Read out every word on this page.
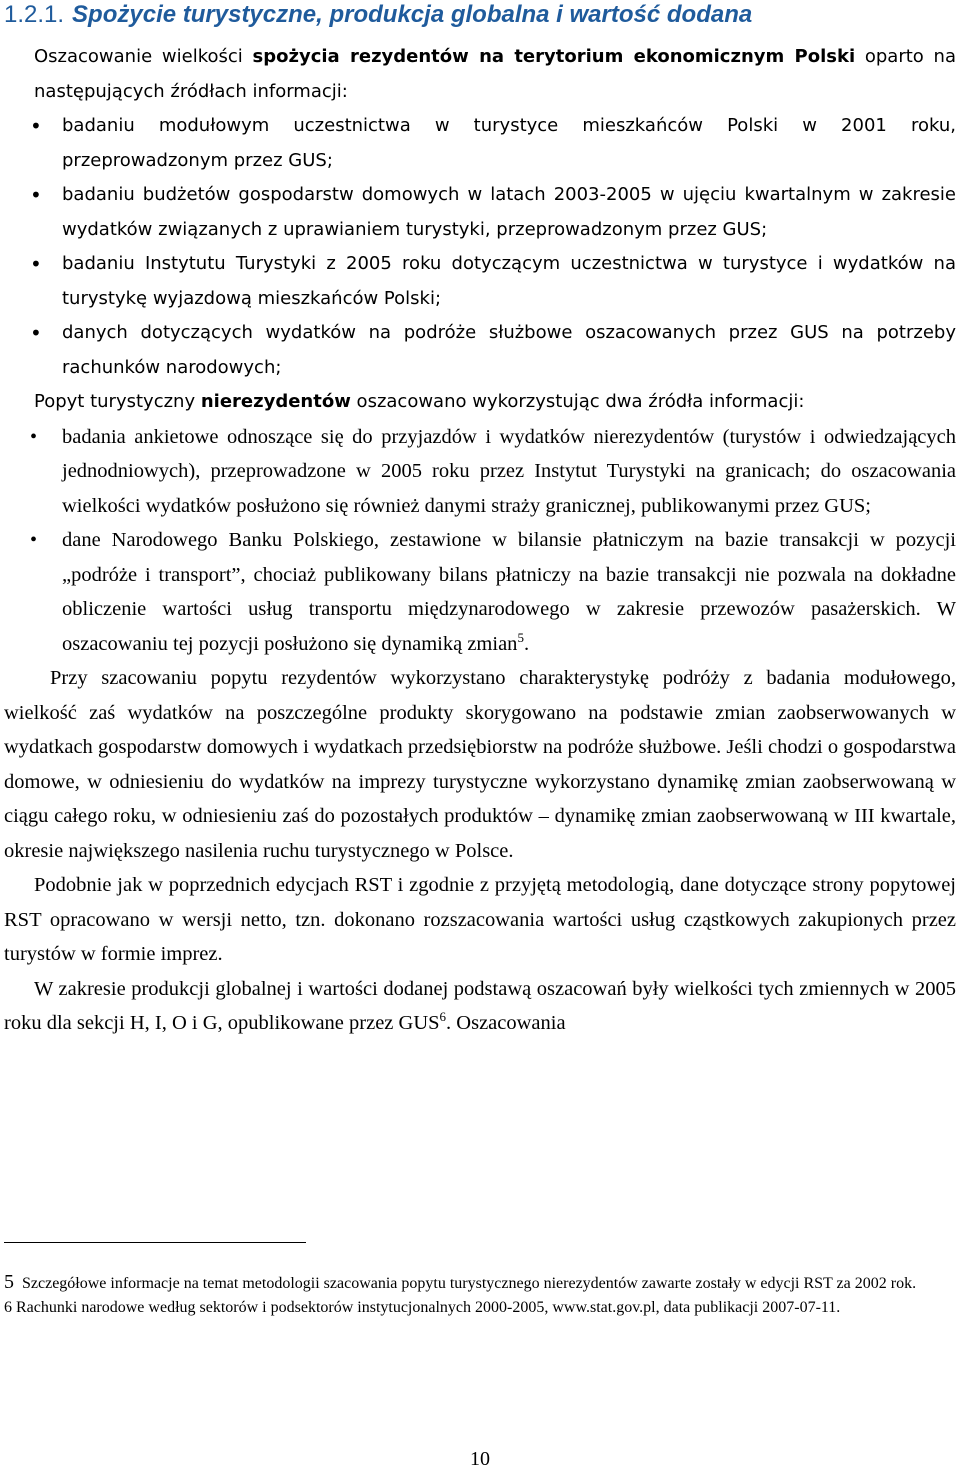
1.2.1. Spożycie turystyczne, produkcja globalna i wartość dodana

Oszacowanie wielkości spożycia rezydentów na terytorium ekonomicznym Polski oparto na następujących źródłach informacji:

• badaniu modułowym uczestnictwa w turystyce mieszkańców Polski w 2001 roku, przeprowadzonym przez GUS;
• badaniu budżetów gospodarstw domowych w latach 2003-2005 w ujęciu kwartalnym w zakresie wydatków związanych z uprawianiem turystyki, przeprowadzonym przez GUS;
• badaniu Instytutu Turystyki z 2005 roku dotyczącym uczestnictwa w turystyce i wydatków na turystykę wyjazdową mieszkańców Polski;
• danych dotyczących wydatków na podróże służbowe oszacowanych przez GUS na potrzeby rachunków narodowych;

Popyt turystyczny nierezydentów oszacowano wykorzystując dwa źródła informacji:

• badania ankietowe odnoszące się do przyjazdów i wydatków nierezydentów (turystów i odwiedzających jednodniowych), przeprowadzone w 2005 roku przez Instytut Turystyki na granicach; do oszacowania wielkości wydatków posłużono się również danymi straży granicznej, publikowanymi przez GUS;
• dane Narodowego Banku Polskiego, zestawione w bilansie płatniczym na bazie transakcji w pozycji „podróże i transport”, chociaż publikowany bilans płatniczy na bazie transakcji nie pozwala na dokładne obliczenie wartości usług transportu międzynarodowego w zakresie przewozów pasażerskich. W oszacowaniu tej pozycji posłużono się dynamiką zmian$^5$.

Przy szacowaniu popytu rezydentów wykorzystano charakterystykę podróży z badania modułowego, wielkość zaś wydatków na poszczególne produkty skorygowano na podstawie zmian zaobserwowanych w wydatkach gospodarstw domowych i wydatkach przedsiębiorstw na podróże służbowe. Jeśli chodzi o gospodarstwa domowe, w odniesieniu do wydatków na imprezy turystyczne wykorzystano dynamikę zmian zaobserwowaną w ciągu całego roku, w odniesieniu zaś do pozostałych produktów – dynamikę zmian zaobserwowaną w III kwartale, okresie największego nasilenia ruchu turystycznego w Polsce.

Podobnie jak w poprzednich edycjach RST i zgodnie z przyjętą metodologią, dane dotyczące strony popytowej RST opracowano w wersji netto, tzn. dokonano rozszacowania wartości usług cząstkowych zakupionych przez turystów w formie imprez.

W zakresie produkcji globalnej i wartości dodanej podstawą oszacowań były wielkości tych zmiennych w 2005 roku dla sekcji H, I, O i G, opublikowane przez GUS$^6$. Oszacowania

5 Szczegółowe informacje na temat metodologii szacowania popytu turystycznego nierezydentów zawarte zostały w edycji RST za 2002 rok.

6 Rachunki narodowe według sektorów i podsektorów instytucjonalnych 2000-2005, www.stat.gov.pl, data publikacji 2007-07-11.

10
